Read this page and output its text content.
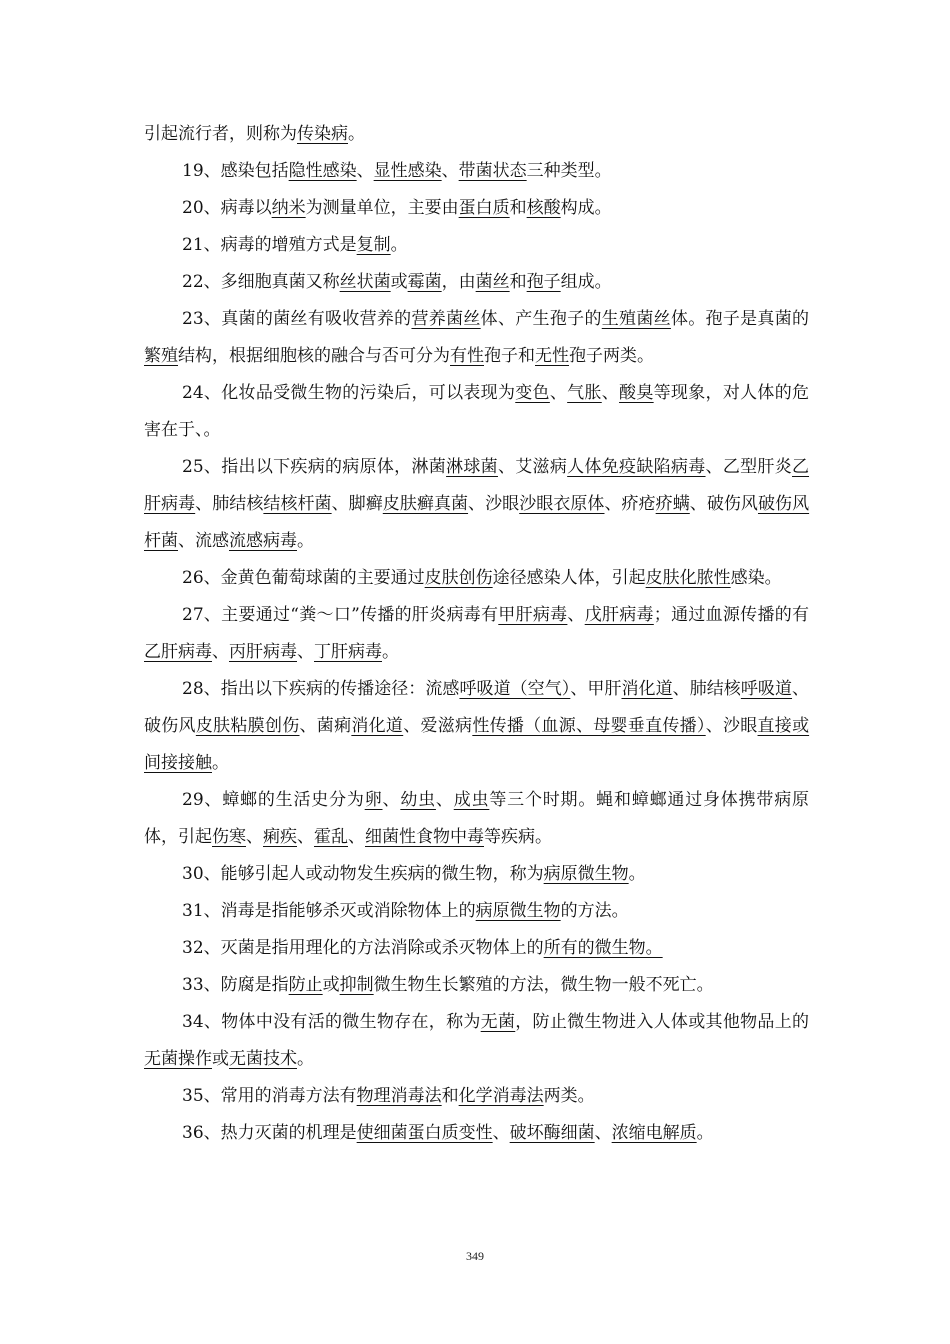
引起流行者，则称为传染病。

19、感染包括隐性感染、显性感染、带菌状态三种类型。

20、病毒以纳米为测量单位，主要由蛋白质和核酸构成。

21、病毒的增殖方式是复制。

22、多细胞真菌又称丝状菌或霉菌，由菌丝和孢子组成。

23、真菌的菌丝有吸收营养的营养菌丝体、产生孢子的生殖菌丝体。孢子是真菌的繁殖结构，根据细胞核的融合与否可分为有性孢子和无性孢子两类。

24、化妆品受微生物的污染后，可以表现为变色、气胀、酸臭等现象，对人体的危害在于、。

25、指出以下疾病的病原体，淋菌淋球菌、艾滋病人体免疫缺陷病毒、乙型肝炎乙肝病毒、肺结核结核杆菌、脚癣皮肤癣真菌、沙眼沙眼衣原体、疥疮疥螨、破伤风破伤风杆菌、流感流感病毒。

26、金黄色葡萄球菌的主要通过皮肤创伤途径感染人体，引起皮肤化脓性感染。

27、主要通过“粪～口”传播的肝炎病毒有甲肝病毒、戊肝病毒；通过血源传播的有乙肝病毒、丙肝病毒、丁肝病毒。

28、指出以下疾病的传播途径：流感呼吸道（空气）、甲肝消化道、肺结核呼吸道、破伤风皮肤粘膜创伤、菌痢消化道、爱滋病性传播（血源、母婴垂直传播）、沙眼直接或间接接触。

29、蟑螂的生活史分为卵、幼虫、成虫等三个时期。蝇和蟑螂通过身体携带病原体，引起伤寒、痢疾、霍乱、细菌性食物中毒等疾病。

30、能够引起人或动物发生疾病的微生物，称为病原微生物。

31、消毒是指能够杀灭或消除物体上的病原微生物的方法。

32、灭菌是指用理化的方法消除或杀灭物体上的所有的微生物。

33、防腐是指防止或抑制微生物生长繁殖的方法，微生物一般不死亡。

34、物体中没有活的微生物存在，称为无菌，防止微生物进入人体或其他物品上的无菌操作或无菌技术。

35、常用的消毒方法有物理消毒法和化学消毒法两类。

36、热力灭菌的机理是使细菌蛋白质变性、破坏酶细菌、浓缩电解质。

349
